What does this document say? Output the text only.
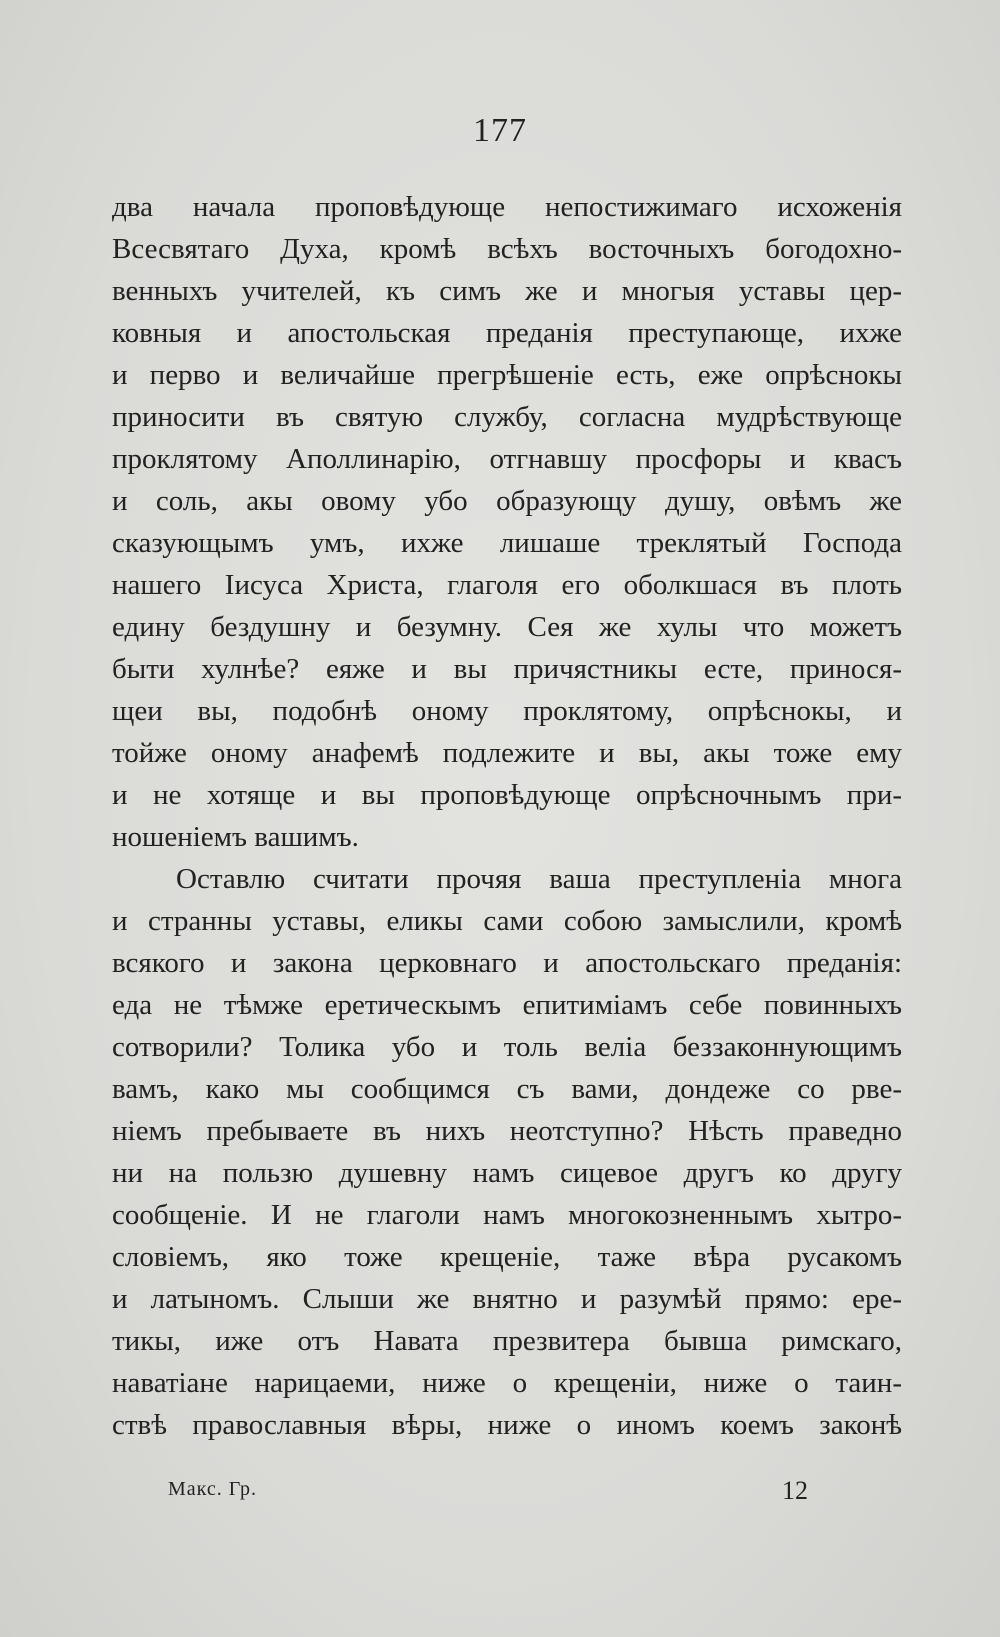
177
два начала проповѣдующе непостижимаго исхоженія
Всесвятаго Духа, кромѣ всѣхъ восточныхъ богодохно-
венныхъ учителей, къ симъ же и многыя уставы цер-
ковныя и апостольская преданія преступающе, ихже
и перво и величайше прегрѣшеніе есть, еже опрѣснокы
приносити въ святую службу, согласна мудрѣствующе
проклятому Аполлинарію, отгнавшу просфоры и квасъ
и соль, акы овому убо образующу душу, овѣмъ же
сказующымъ умъ, ихже лишаше треклятый Господа
нашего Іисуса Христа, глаголя его оболкшася въ плоть
едину бездушну и безумну. Сея же хулы что можетъ
быти хулнѣе? еяже и вы причястникы есте, принося-
щеи вы, подобнѣ оному проклятому, опрѣснокы, и
тойже оному анафемѣ подлежите и вы, акы тоже ему
и не хотяще и вы проповѣдующе опрѣсночнымъ при-
ношеніемъ вашимъ.
Оставлю считати прочяя ваша преступленіа многа
и странны уставы, еликы сами собою замыслили, кромѣ
всякого и закона церковнаго и апостольскаго преданія:
еда не тѣмже еретическымъ епитиміамъ себе повинныхъ
сотворили? Толика убо и толь веліа беззаконнующимъ
вамъ, како мы сообщимся съ вами, дондеже со рве-
ніемъ пребываете въ нихъ неотступно? Нѣсть праведно
ни на пользю душевну намъ сицевое другъ ко другу
сообщеніе. И не глаголи намъ многокозненнымъ хытро-
словіемъ, яко тоже крещеніе, таже вѣра русакомъ
и латыномъ. Слыши же внятно и разумѣй прямо: ере-
тикы, иже отъ Навата презвитера бывша римскаго,
наватіане нарицаеми, ниже о крещеніи, ниже о таин-
ствѣ православныя вѣры, ниже о иномъ коемъ законѣ
Макс. Гр.	12
